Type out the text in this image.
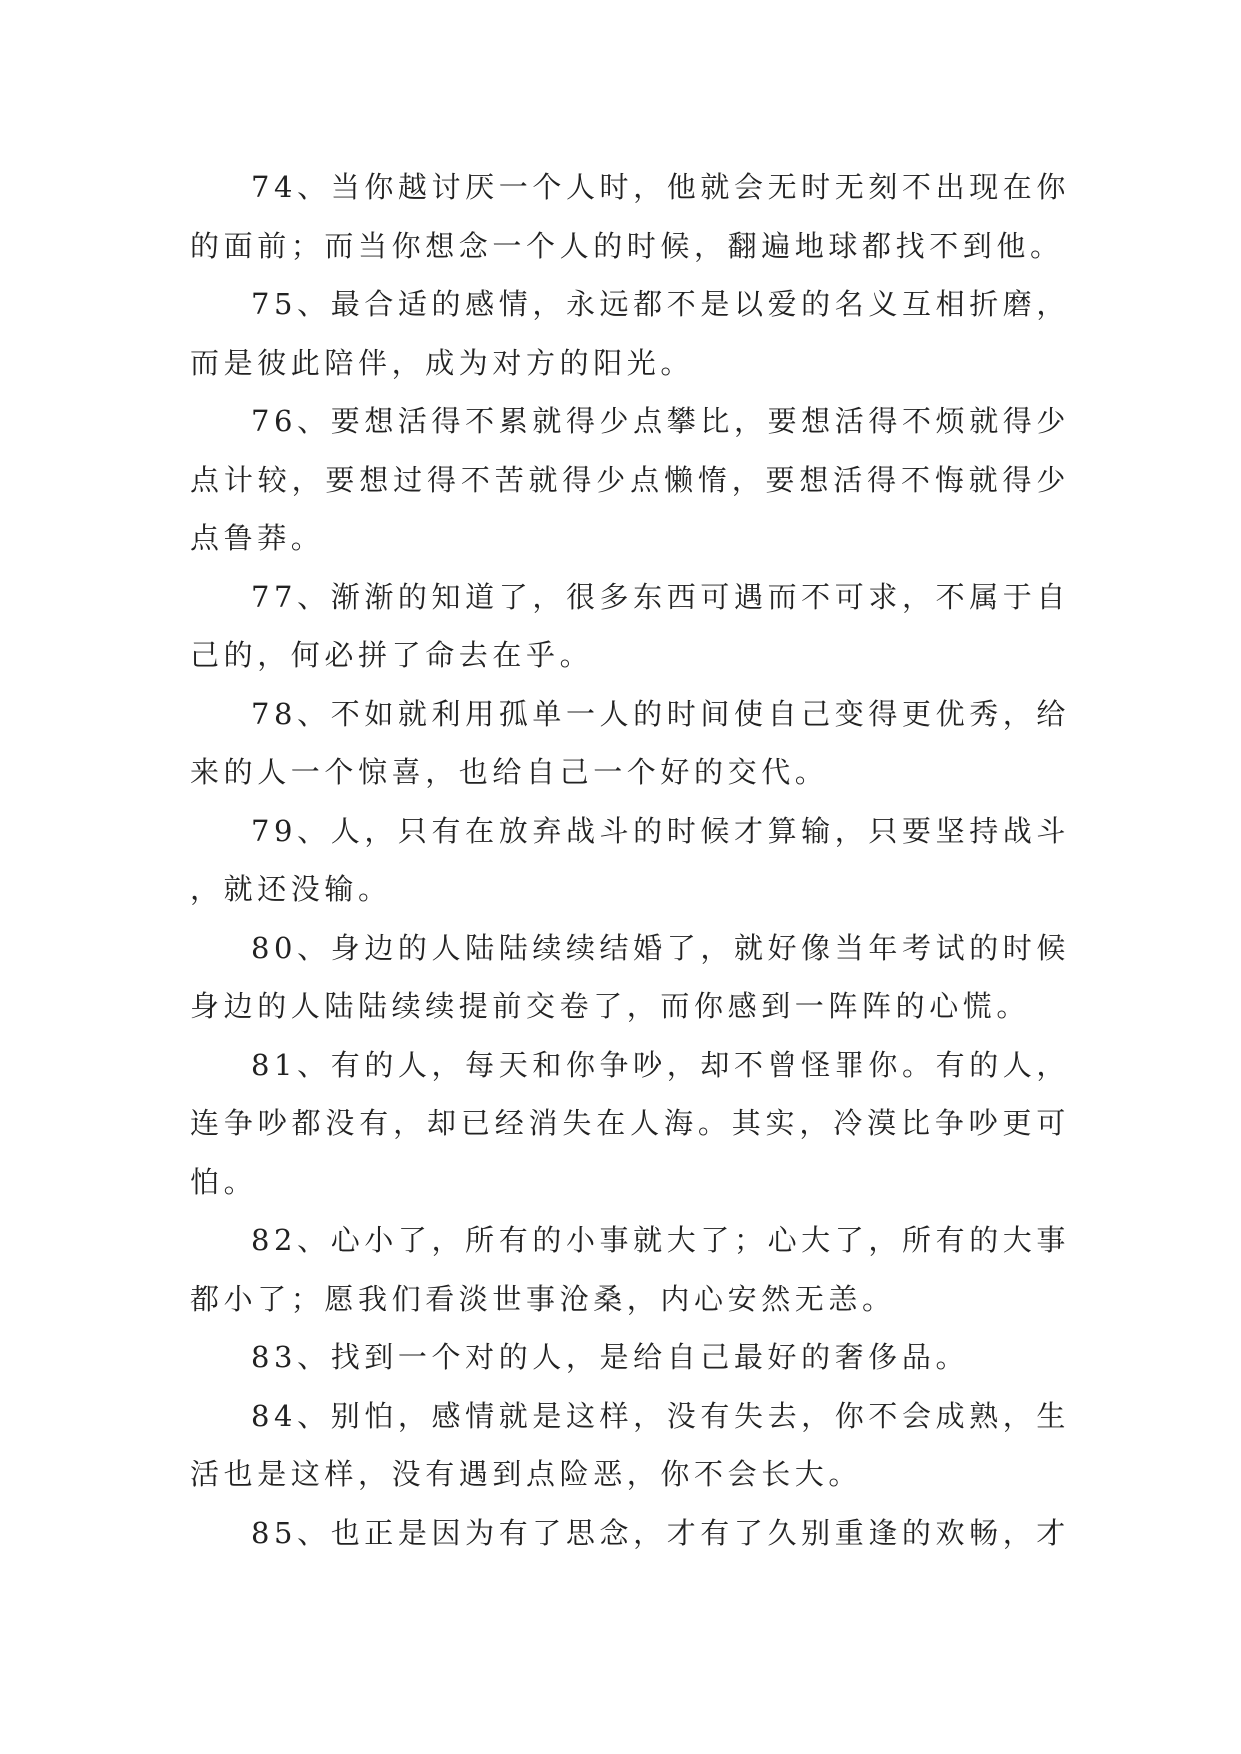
74、当你越讨厌一个人时，他就会无时无刻不出现在你的面前；而当你想念一个人的时候，翻遍地球都找不到他。

75、最合适的感情，永远都不是以爱的名义互相折磨，而是彼此陪伴，成为对方的阳光。

76、要想活得不累就得少点攀比，要想活得不烦就得少点计较，要想过得不苦就得少点懒惰，要想活得不悔就得少点鲁莽。

77、渐渐的知道了，很多东西可遇而不可求，不属于自己的，何必拼了命去在乎。

78、不如就利用孤单一人的时间使自己变得更优秀，给来的人一个惊喜，也给自己一个好的交代。

79、人，只有在放弃战斗的时候才算输，只要坚持战斗，就还没输。

80、身边的人陆陆续续结婚了，就好像当年考试的时候身边的人陆陆续续提前交卷了，而你感到一阵阵的心慌。

81、有的人，每天和你争吵，却不曾怪罪你。有的人，连争吵都没有，却已经消失在人海。其实，冷漠比争吵更可怕。

82、心小了，所有的小事就大了；心大了，所有的大事都小了；愿我们看淡世事沧桑，内心安然无恙。

83、找到一个对的人，是给自己最好的奢侈品。

84、别怕，感情就是这样，没有失去，你不会成熟，生活也是这样，没有遇到点险恶，你不会长大。

85、也正是因为有了思念，才有了久别重逢的欢畅，才
